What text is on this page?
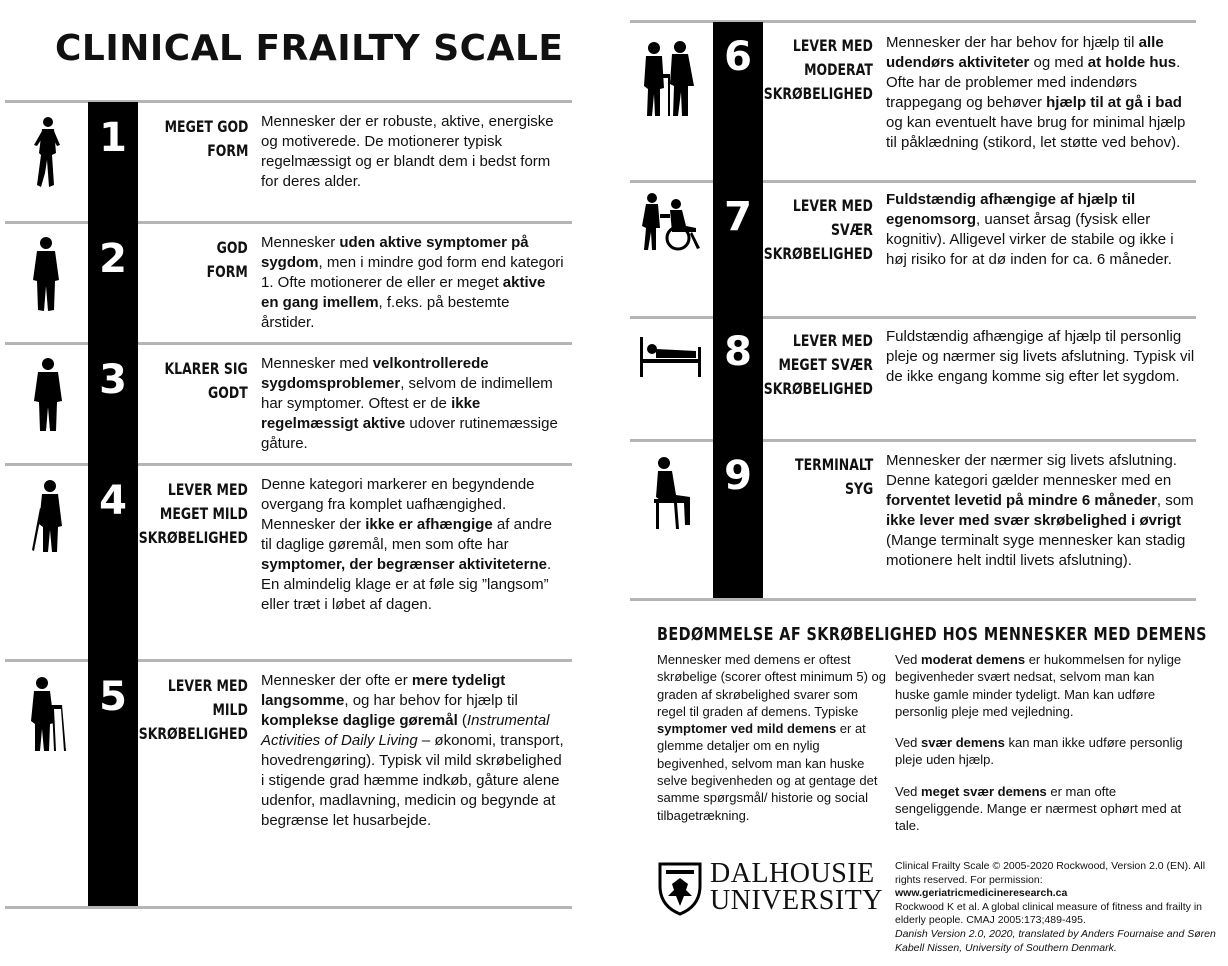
CLINICAL FRAILTY SCALE
1	MEGET GOD
FORM
Mennesker der er robuste, aktive, energiske og motiverede. De motionerer typisk regelmæssigt og er blandt dem i bedst form for deres alder.
2	GOD
FORM
Mennesker uden aktive symptomer på sygdom, men i mindre god form end kategori 1. Ofte motionerer de eller er meget aktive en gang imellem, f.eks. på bestemte årstider.
3	KLARER SIG
GODT
Mennesker med velkontrollerede sygdomsproblemer, selvom de indimellem har symptomer. Oftest er de ikke regelmæssigt aktive udover rutinemæssige gåture.
4	LEVER MED
MEGET MILD
SKRØBELIGHED
Denne kategori markerer en begyndende overgang fra komplet uafhængighed. Mennesker der ikke er afhængige af andre til daglige gøremål, men som ofte har symptomer, der begrænser aktiviteterne. En almindelig klage er at føle sig ”langsom” eller træt i løbet af dagen.
5	LEVER MED
MILD
SKRØBELIGHED
Mennesker der ofte er mere tydeligt langsomme, og har behov for hjælp til komplekse daglige gøremål (Instrumental Activities of Daily Living – økonomi, transport, hovedrengøring). Typisk vil mild skrøbelighed i stigende grad hæmme indkøb, gåture alene udenfor, madlavning, medicin og begynde at begrænse let husarbejde.
6	LEVER MED
MODERAT
SKRØBELIGHED
Mennesker der har behov for hjælp til alle udendørs aktiviteter og med at holde hus. Ofte har de problemer med indendørs trappegang og behøver hjælp til at gå i bad og kan eventuelt have brug for minimal hjælp til påklædning (stikord, let støtte ved behov).
7	LEVER MED
SVÆR
SKRØBELIGHED
Fuldstændig afhængige af hjælp til egenomsorg, uanset årsag (fysisk eller kognitiv). Alligevel virker de stabile og ikke i høj risiko for at dø inden for ca. 6 måneder.
8	LEVER MED
MEGET SVÆR
SKRØBELIGHED
Fuldstændig afhængige af hjælp til personlig pleje og nærmer sig livets afslutning. Typisk vil de ikke engang komme sig efter let sygdom.
9	TERMINALT
SYG
Mennesker der nærmer sig livets afslutning. Denne kategori gælder mennesker med en forventet levetid på mindre 6 måneder, som ikke lever med svær skrøbelighed i øvrigt (Mange terminalt syge mennesker kan stadig motionere helt indtil livets afslutning).
BEDØMMELSE AF SKRØBELIGHED HOS MENNESKER MED DEMENS

Mennesker med demens er oftest skrøbelige (scorer oftest minimum 5) og graden af skrøbelighed svarer som regel til graden af demens. Typiske symptomer ved mild demens er at glemme detaljer om en nylig begivenhed, selvom man kan huske selve begivenheden og at gentage det samme spørgsmål/ historie og social tilbagetrækning.

Ved moderat demens er hukommelsen for nylige begivenheder svært nedsat, selvom man kan huske gamle minder tydeligt. Man kan udføre personlig pleje med vejledning.

Ved svær demens kan man ikke udføre personlig pleje uden hjælp.

Ved meget svær demens er man ofte sengeliggende. Mange er nærmest ophørt med at tale.

DALHOUSIE
UNIVERSITY
Clinical Frailty Scale © 2005-2020 Rockwood, Version 2.0 (EN). All rights reserved. For permission:
www.geriatricmedicineresearch.ca
Rockwood K et al. A global clinical measure of fitness and frailty in elderly people. CMAJ 2005:173;489-495.
Danish Version 2.0, 2020, translated by Anders Fournaise and Søren Kabell Nissen, University of Southern Denmark.
